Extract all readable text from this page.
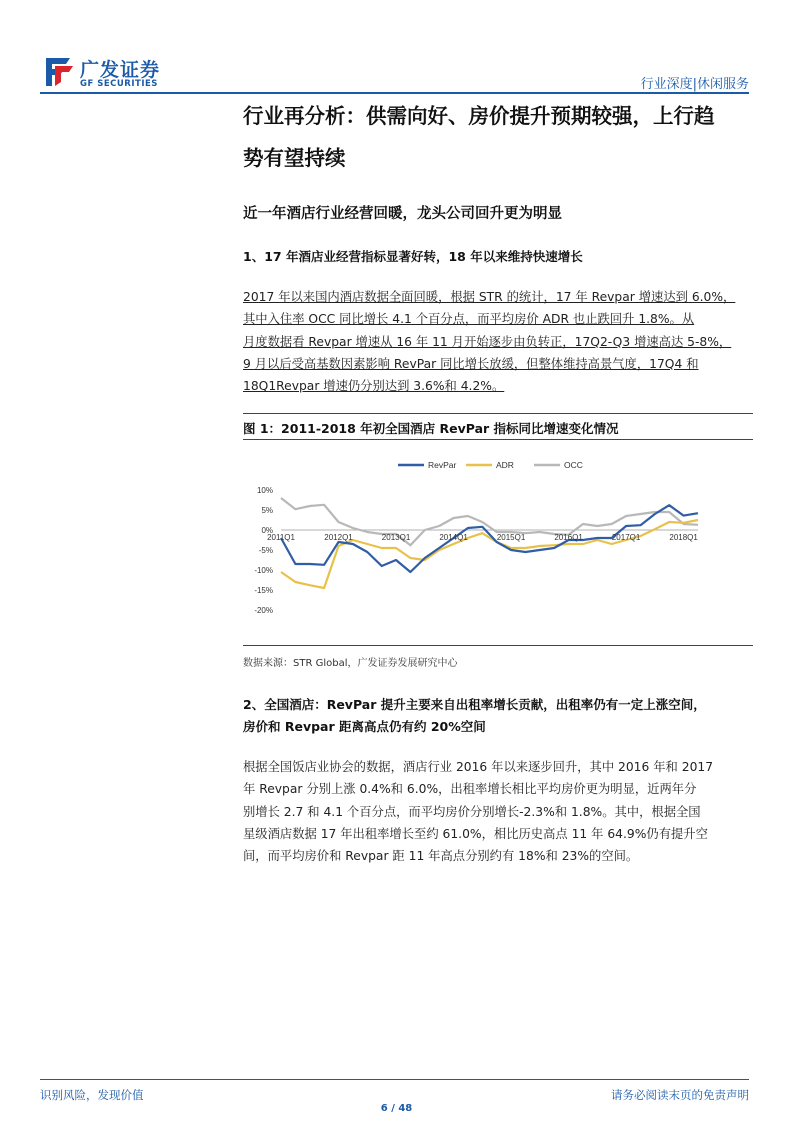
广发证券
GF SECURITIES	行业深度|休闲服务
行业再分析：供需向好、房价提升预期较强，上行趋
势有望持续
近一年酒店行业经营回暖，龙头公司回升更为明显
1、17 年酒店业经营指标显著好转，18 年以来维持快速增长
2017 年以来国内酒店数据全面回暖，根据 STR 的统计，17 年 Revpar 增速达到 6.0%，
其中入住率 OCC 同比增长 4.1 个百分点，而平均房价 ADR 也止跌回升 1.8%。从
月度数据看 Revpar 增速从 16 年 11 月开始逐步由负转正，17Q2-Q3 增速高达 5-8%，
9 月以后受高基数因素影响 RevPar 同比增长放缓，但整体维持高景气度，17Q4 和
18Q1Revpar 增速仍分别达到 3.6%和 4.2%。
图 1：2011-2018 年初全国酒店 RevPar 指标同比增速变化情况
RevPar	ADR	OCC
10%
5%
0%
-5%
-10%
-15%
-20%
2011Q1	2012Q1	2013Q1	2014Q1	2015Q1	2016Q1	2017Q1	2018Q1
数据来源：STR Global，广发证券发展研究中心
2、全国酒店：RevPar 提升主要来自出租率增长贡献，出租率仍有一定上涨空间，
房价和 Revpar 距离高点仍有约 20%空间
根据全国饭店业协会的数据，酒店行业 2016 年以来逐步回升，其中 2016 年和 2017
年 Revpar 分别上涨 0.4%和 6.0%，出租率增长相比平均房价更为明显，近两年分
别增长 2.7 和 4.1 个百分点，而平均房价分别增长-2.3%和 1.8%。其中，根据全国
星级酒店数据 17 年出租率增长至约 61.0%，相比历史高点 11 年 64.9%仍有提升空
间，而平均房价和 Revpar 距 11 年高点分别约有 18%和 23%的空间。
识别风险，发现价值	请务必阅读末页的免责声明
6 / 48
